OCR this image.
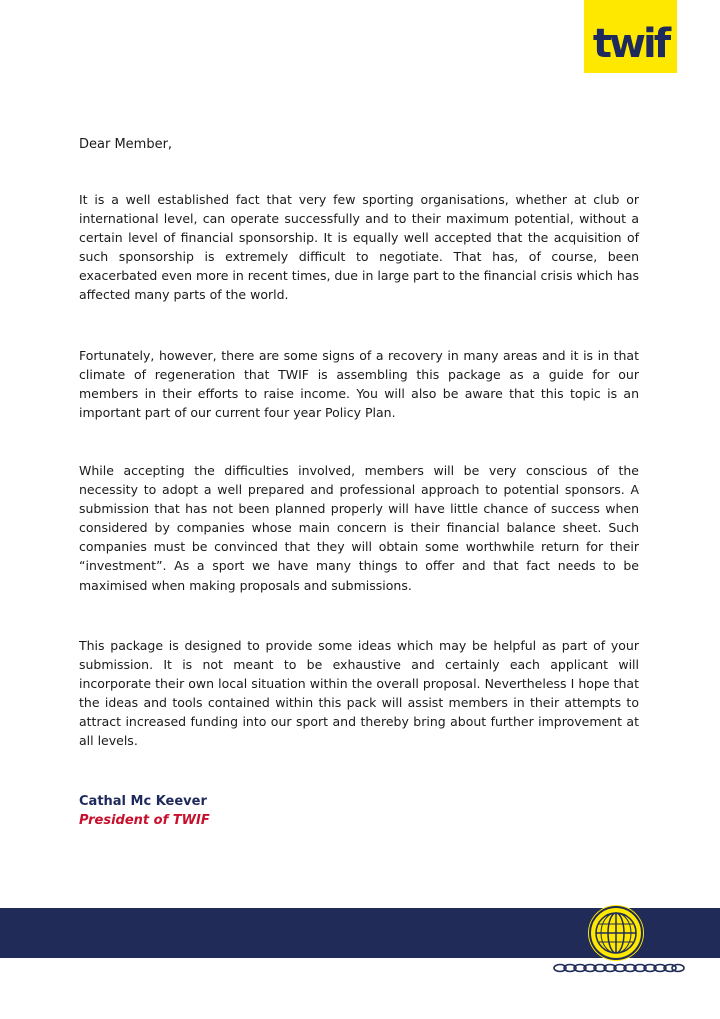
twif
Dear Member,

It is a well established fact that very few sporting organisations, whether at club or international level, can operate successfully and to their maximum potential, without a certain level of financial sponsorship. It is equally well accepted that the acquisition of such sponsorship is extremely difficult to negotiate. That has, of course, been exacerbated even more in recent times, due in large part to the financial crisis which has affected many parts of the world.

Fortunately, however, there are some signs of a recovery in many areas and it is in that climate of regeneration that TWIF is assembling this package as a guide for our members in their efforts to raise income. You will also be aware that this topic is an important part of our current four year Policy Plan.

While accepting the difficulties involved, members will be very conscious of the necessity to adopt a well prepared and professional approach to potential sponsors. A submission that has not been planned properly will have little chance of success when considered by companies whose main concern is their financial balance sheet. Such companies must be convinced that they will obtain some worthwhile return for their “investment”. As a sport we have many things to offer and that fact needs to be maximised when making proposals and submissions.

This package is designed to provide some ideas which may be helpful as part of your submission. It is not meant to be exhaustive and certainly each applicant will incorporate their own local situation within the overall proposal. Nevertheless I hope that the ideas and tools contained within this pack will assist members in their attempts to attract increased funding into our sport and thereby bring about further improvement at all levels.

Cathal Mc Keever
President of TWIF
